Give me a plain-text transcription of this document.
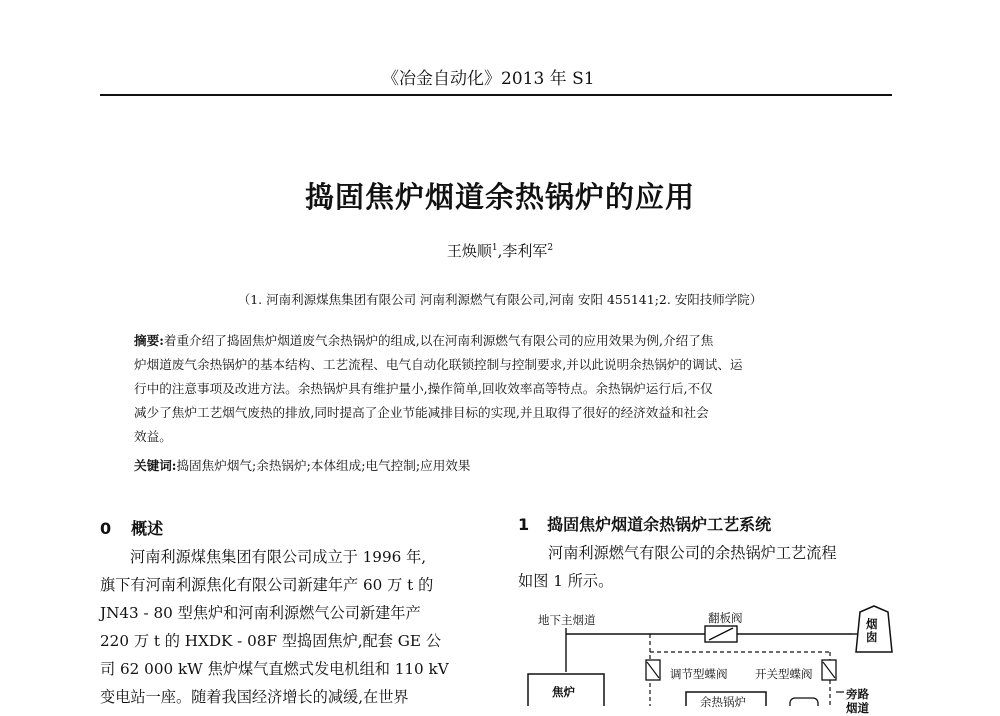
《冶金自动化》2013 年 S1
捣固焦炉烟道余热锅炉的应用
王焕顺$^1$,李利军$^2$
（1. 河南利源煤焦集团有限公司 河南利源燃气有限公司,河南 安阳 455141;2. 安阳技师学院）
摘要:着重介绍了捣固焦炉烟道废气余热锅炉的组成,以在河南利源燃气有限公司的应用效果为例,介绍了焦
炉烟道废气余热锅炉的基本结构、工艺流程、电气自动化联锁控制与控制要求,并以此说明余热锅炉的调试、运
行中的注意事项及改进方法。余热锅炉具有维护量小,操作简单,回收效率高等特点。余热锅炉运行后,不仅
减少了焦炉工艺烟气废热的排放,同时提高了企业节能减排目标的实现,并且取得了很好的经济效益和社会
效益。
关键词:捣固焦炉烟气;余热锅炉;本体组成;电气控制;应用效果
0 概述
河南利源煤焦集团有限公司成立于 1996 年,
旗下有河南利源焦化有限公司新建年产 60 万 t 的
JN43 - 80 型焦炉和河南利源燃气公司新建年产
220 万 t 的 HXDK - 08F 型捣固焦炉,配套 GE 公
司 62 000 kW 焦炉煤气直燃式发电机组和 110 kV
变电站一座。随着我国经济增长的减缓,在世界
1 捣固焦炉烟道余热锅炉工艺系统
河南利源燃气有限公司的余热锅炉工艺流程
如图 1 所示。
地下主烟道	翻板阀	烟囱
调节型蝶阀 开关型蝶阀
焦炉
余热锅炉
旁路
烟道
